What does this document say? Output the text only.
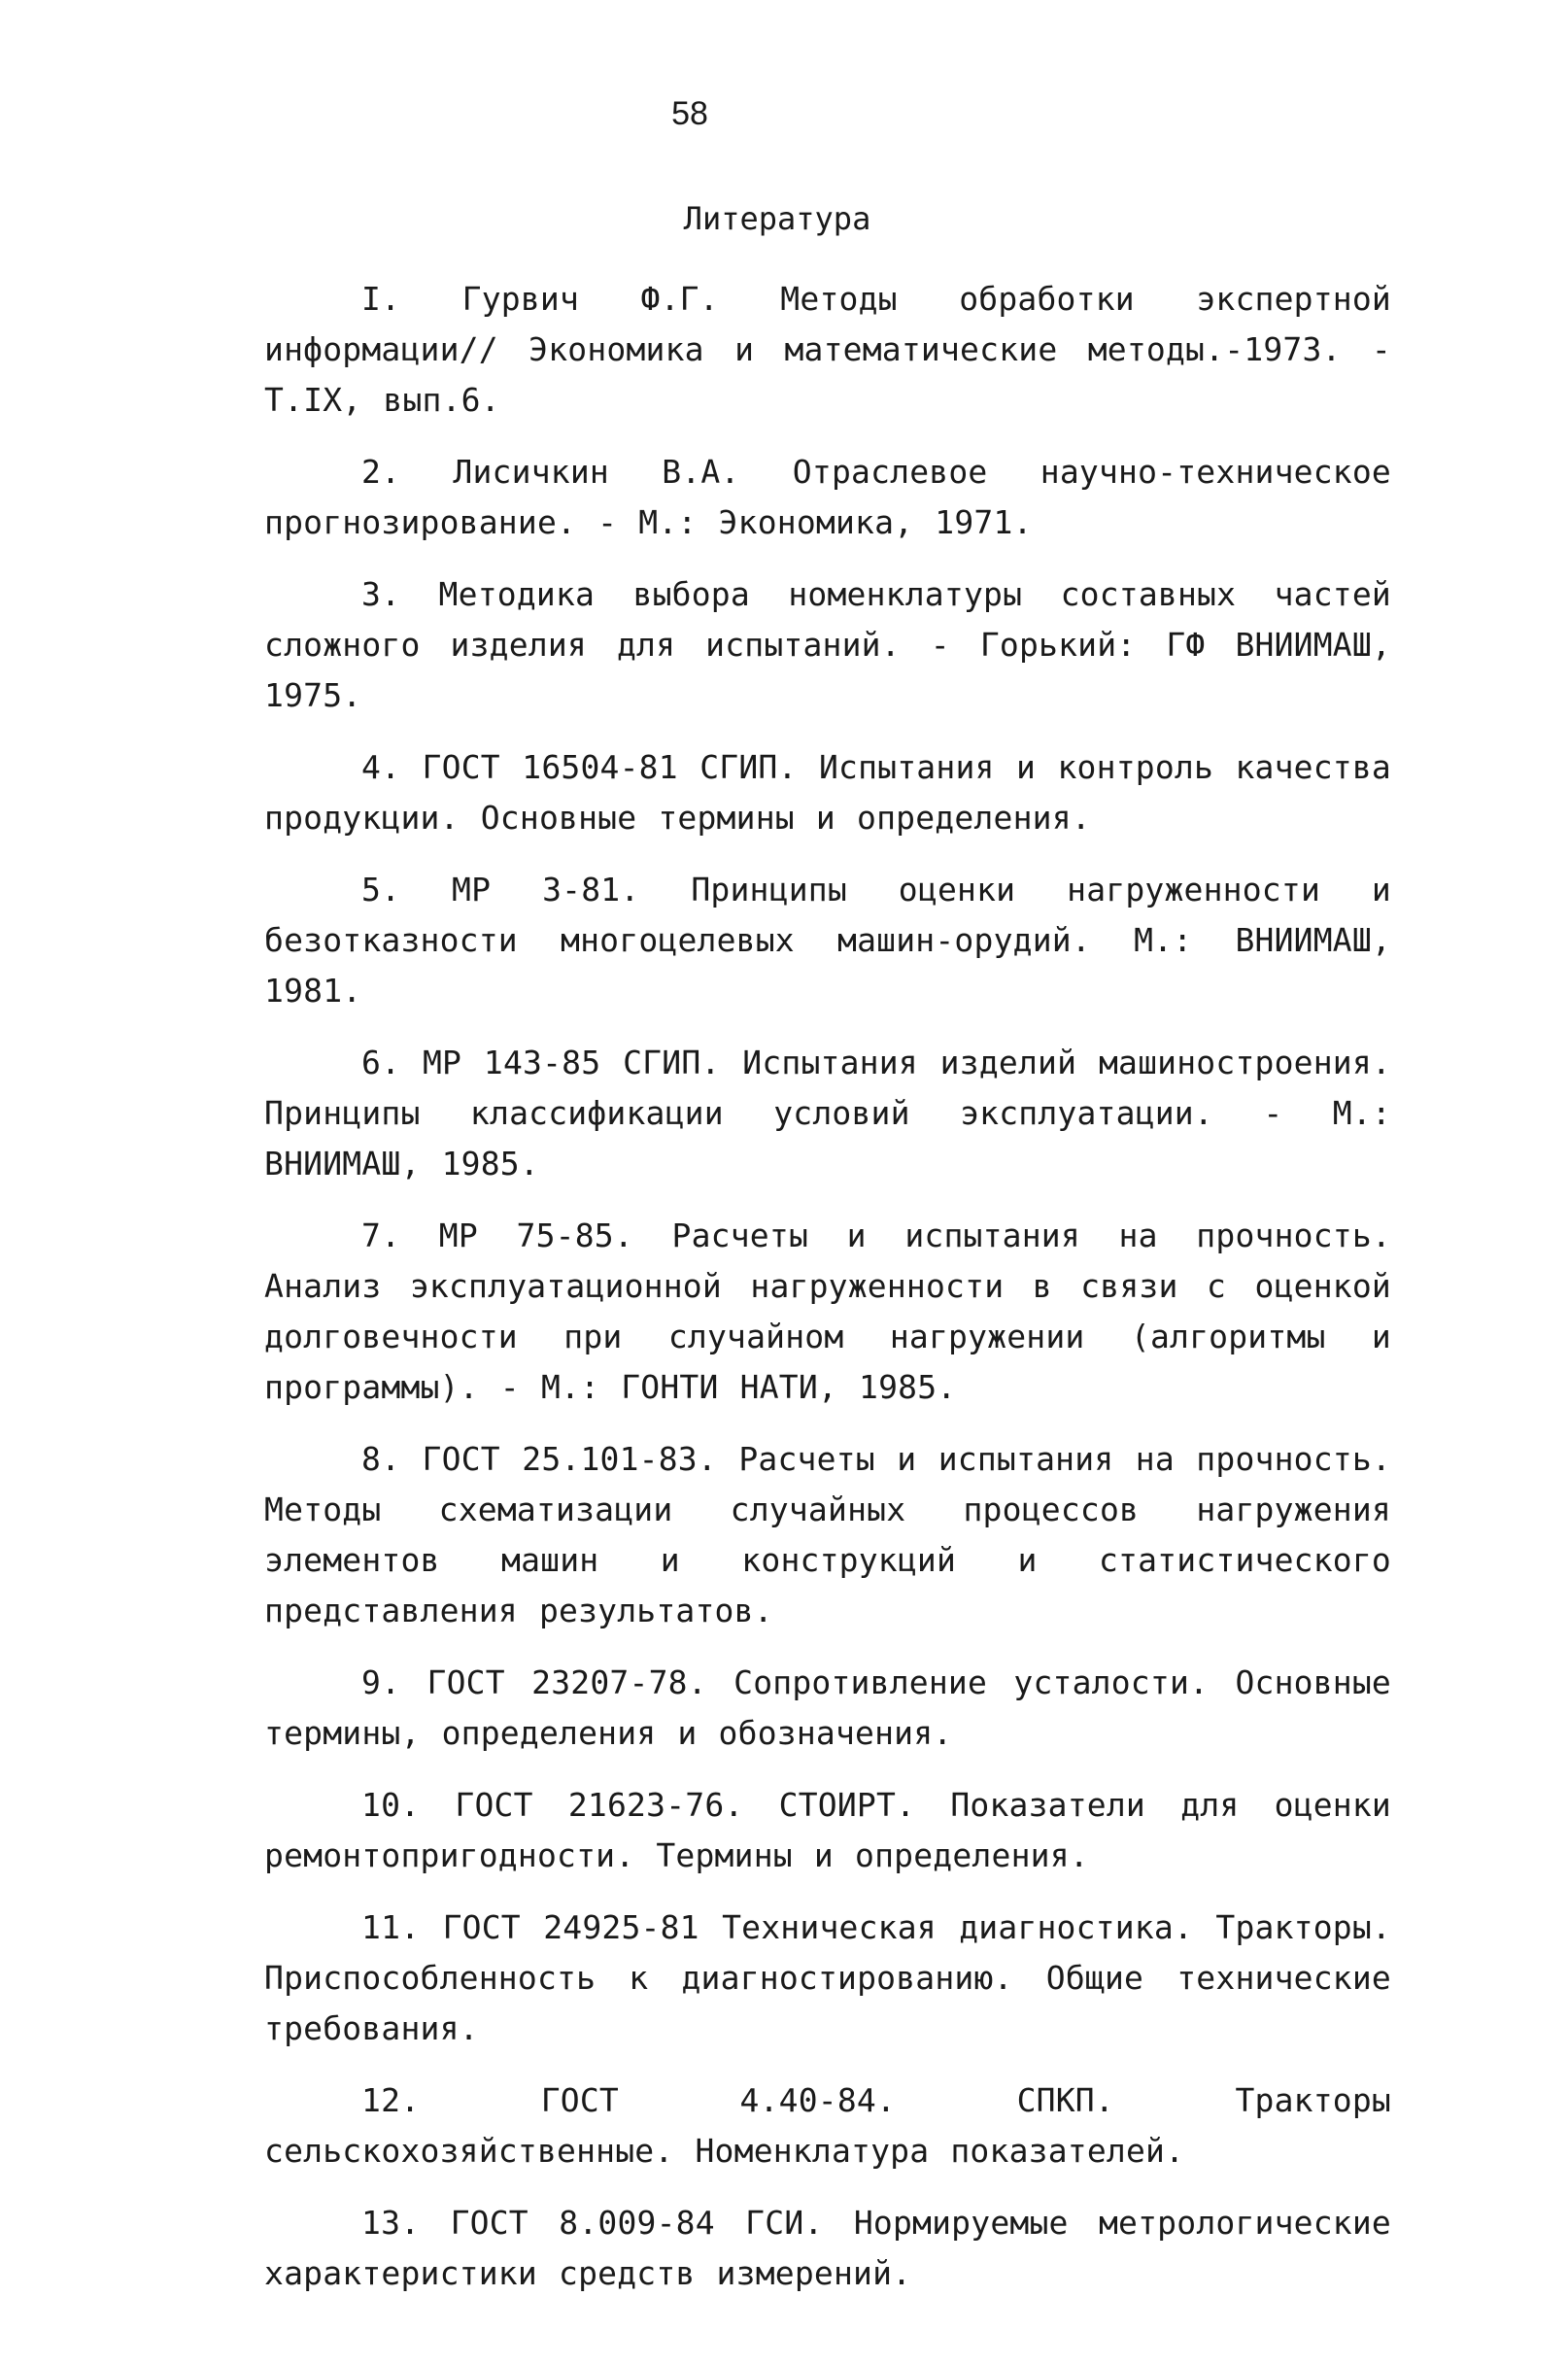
58
Литература
I. Гурвич Ф.Г. Методы обработки экспертной информации// Экономика и математические методы.-1973. - Т.IX, вып.6.
2. Лисичкин В.А. Отраслевое научно-техническое прогнозирование. - М.: Экономика, 1971.
3. Методика выбора номенклатуры составных частей сложного изделия для испытаний. - Горький: ГФ ВНИИМАШ, 1975.
4. ГОСТ 16504-81 СГИП. Испытания и контроль качества продукции. Основные термины и определения.
5. МР 3-81. Принципы оценки нагруженности и безотказности многоцелевых машин-орудий. М.: ВНИИМАШ, 1981.
6. МР 143-85 СГИП. Испытания изделий машиностроения. Принципы классификации условий эксплуатации. - М.: ВНИИМАШ, 1985.
7. МР 75-85. Расчеты и испытания на прочность. Анализ эксплуатационной нагруженности в связи с оценкой долговечности при случайном нагружении (алгоритмы и программы). - М.: ГОНТИ НАТИ, 1985.
8. ГОСТ 25.101-83. Расчеты и испытания на прочность. Методы схематизации случайных процессов нагружения элементов машин и конструкций и статистического представления результатов.
9. ГОСТ 23207-78. Сопротивление усталости. Основные термины, определения и обозначения.
10. ГОСТ 21623-76. СТОИРТ. Показатели для оценки ремонтопригодности. Термины и определения.
11. ГОСТ 24925-81 Техническая диагностика. Тракторы. Приспособленность к диагностированию. Общие технические требования.
12. ГОСТ 4.40-84. СПКП. Тракторы сельскохозяйственные. Номенклатура показателей.
13. ГОСТ 8.009-84 ГСИ. Нормируемые метрологические характеристики средств измерений.
